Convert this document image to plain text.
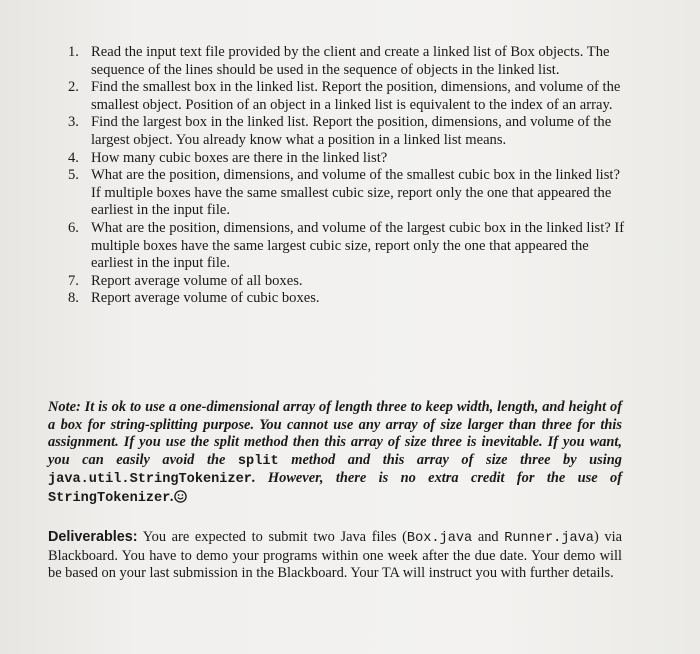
1. Read the input text file provided by the client and create a linked list of Box objects. The sequence of the lines should be used in the sequence of objects in the linked list.
2. Find the smallest box in the linked list. Report the position, dimensions, and volume of the smallest object. Position of an object in a linked list is equivalent to the index of an array.
3. Find the largest box in the linked list. Report the position, dimensions, and volume of the largest object. You already know what a position in a linked list means.
4. How many cubic boxes are there in the linked list?
5. What are the position, dimensions, and volume of the smallest cubic box in the linked list? If multiple boxes have the same smallest cubic size, report only the one that appeared the earliest in the input file.
6. What are the position, dimensions, and volume of the largest cubic box in the linked list? If multiple boxes have the same largest cubic size, report only the one that appeared the earliest in the input file.
7. Report average volume of all boxes.
8. Report average volume of cubic boxes.

Note: It is ok to use a one-dimensional array of length three to keep width, length, and height of a box for string-splitting purpose. You cannot use any array of size larger than three for this assignment. If you use the split method then this array of size three is inevitable. If you want, you can easily avoid the split method and this array of size three by using java.util.StringTokenizer. However, there is no extra credit for the use of StringTokenizer.

Deliverables: You are expected to submit two Java files (Box.java and Runner.java) via Blackboard. You have to demo your programs within one week after the due date. Your demo will be based on your last submission in the Blackboard. Your TA will instruct you with further details.
